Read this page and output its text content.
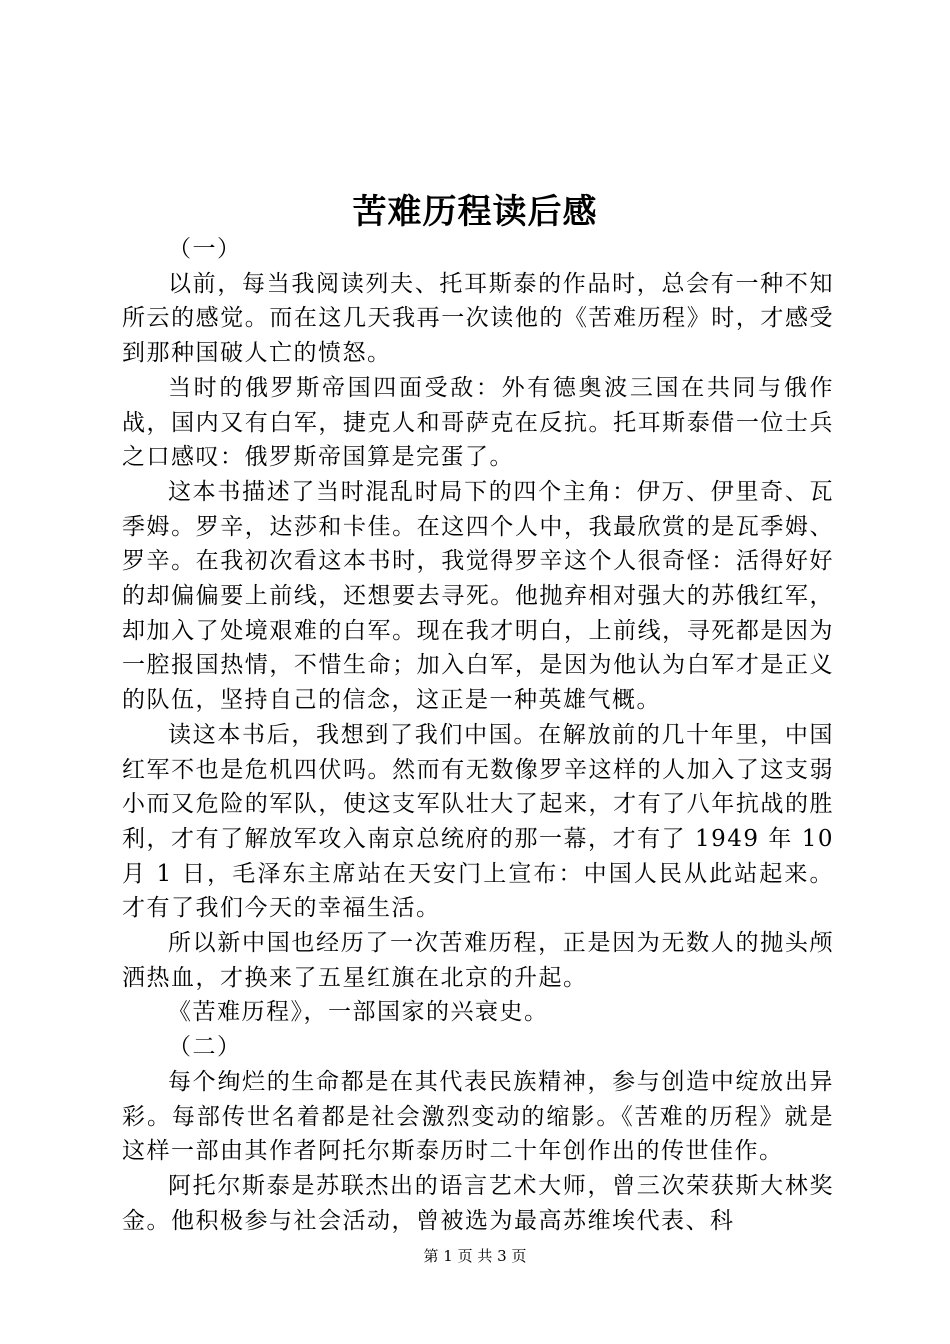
苦难历程读后感

（一）

以前，每当我阅读列夫、托耳斯泰的作品时，总会有一种不知所云的感觉。而在这几天我再一次读他的《苦难历程》时，才感受到那种国破人亡的愤怒。

当时的俄罗斯帝国四面受敌：外有德奥波三国在共同与俄作战，国内又有白军，捷克人和哥萨克在反抗。托耳斯泰借一位士兵之口感叹：俄罗斯帝国算是完蛋了。

这本书描述了当时混乱时局下的四个主角：伊万、伊里奇、瓦季姆。罗辛，达莎和卡佳。在这四个人中，我最欣赏的是瓦季姆、罗辛。在我初次看这本书时，我觉得罗辛这个人很奇怪：活得好好的却偏偏要上前线，还想要去寻死。他抛弃相对强大的苏俄红军，却加入了处境艰难的白军。现在我才明白，上前线，寻死都是因为一腔报国热情，不惜生命；加入白军，是因为他认为白军才是正义的队伍，坚持自己的信念，这正是一种英雄气概。

读这本书后，我想到了我们中国。在解放前的几十年里，中国红军不也是危机四伏吗。然而有无数像罗辛这样的人加入了这支弱小而又危险的军队，使这支军队壮大了起来，才有了八年抗战的胜利，才有了解放军攻入南京总统府的那一幕，才有了 1949 年 10 月 1 日，毛泽东主席站在天安门上宣布：中国人民从此站起来。才有了我们今天的幸福生活。

所以新中国也经历了一次苦难历程，正是因为无数人的抛头颅洒热血，才换来了五星红旗在北京的升起。

《苦难历程》，一部国家的兴衰史。

（二）

每个绚烂的生命都是在其代表民族精神，参与创造中绽放出异彩。每部传世名着都是社会激烈变动的缩影。《苦难的历程》就是这样一部由其作者阿托尔斯泰历时二十年创作出的传世佳作。

阿托尔斯泰是苏联杰出的语言艺术大师，曾三次荣获斯大林奖金。他积极参与社会活动，曾被选为最高苏维埃代表、科

第 1 页 共 3 页
